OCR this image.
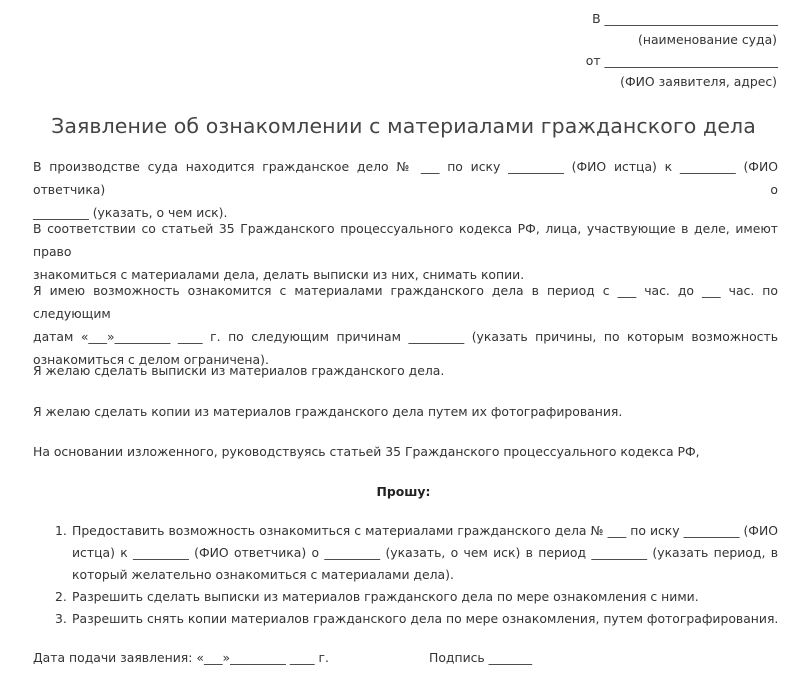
В ____________________________
(наименование суда)
от ____________________________
(ФИО заявителя, адрес)
Заявление об ознакомлении с материалами гражданского дела
В производстве суда находится гражданское дело № ___ по иску _________ (ФИО истца) к _________ (ФИО ответчика) о
_________ (указать, о чем иск).
В соответствии со статьей 35 Гражданского процессуального кодекса РФ, лица, участвующие в деле, имеют право
знакомиться с материалами дела, делать выписки из них, снимать копии.
Я имею возможность ознакомится с материалами гражданского дела в период с ___ час. до ___ час. по следующим
датам «___»_________ ____ г. по следующим причинам _________ (указать причины, по которым возможность
ознакомиться с делом ограничена).
Я желаю сделать выписки из материалов гражданского дела.
Я желаю сделать копии из материалов гражданского дела путем их фотографирования.
На основании изложенного, руководствуясь статьей 35 Гражданского процессуального кодекса РФ,
Прошу:
1. Предоставить возможность ознакомиться с материалами гражданского дела № ___ по иску _________ (ФИО
истца) к _________ (ФИО ответчика) о _________ (указать, о чем иск) в период _________ (указать период, в
который желательно ознакомиться с материалами дела).
2. Разрешить сделать выписки из материалов гражданского дела по мере ознакомления с ними.
3. Разрешить снять копии материалов гражданского дела по мере ознакомления, путем фотографирования.
Дата подачи заявления: «___»_________ ____ г.	Подпись _______
